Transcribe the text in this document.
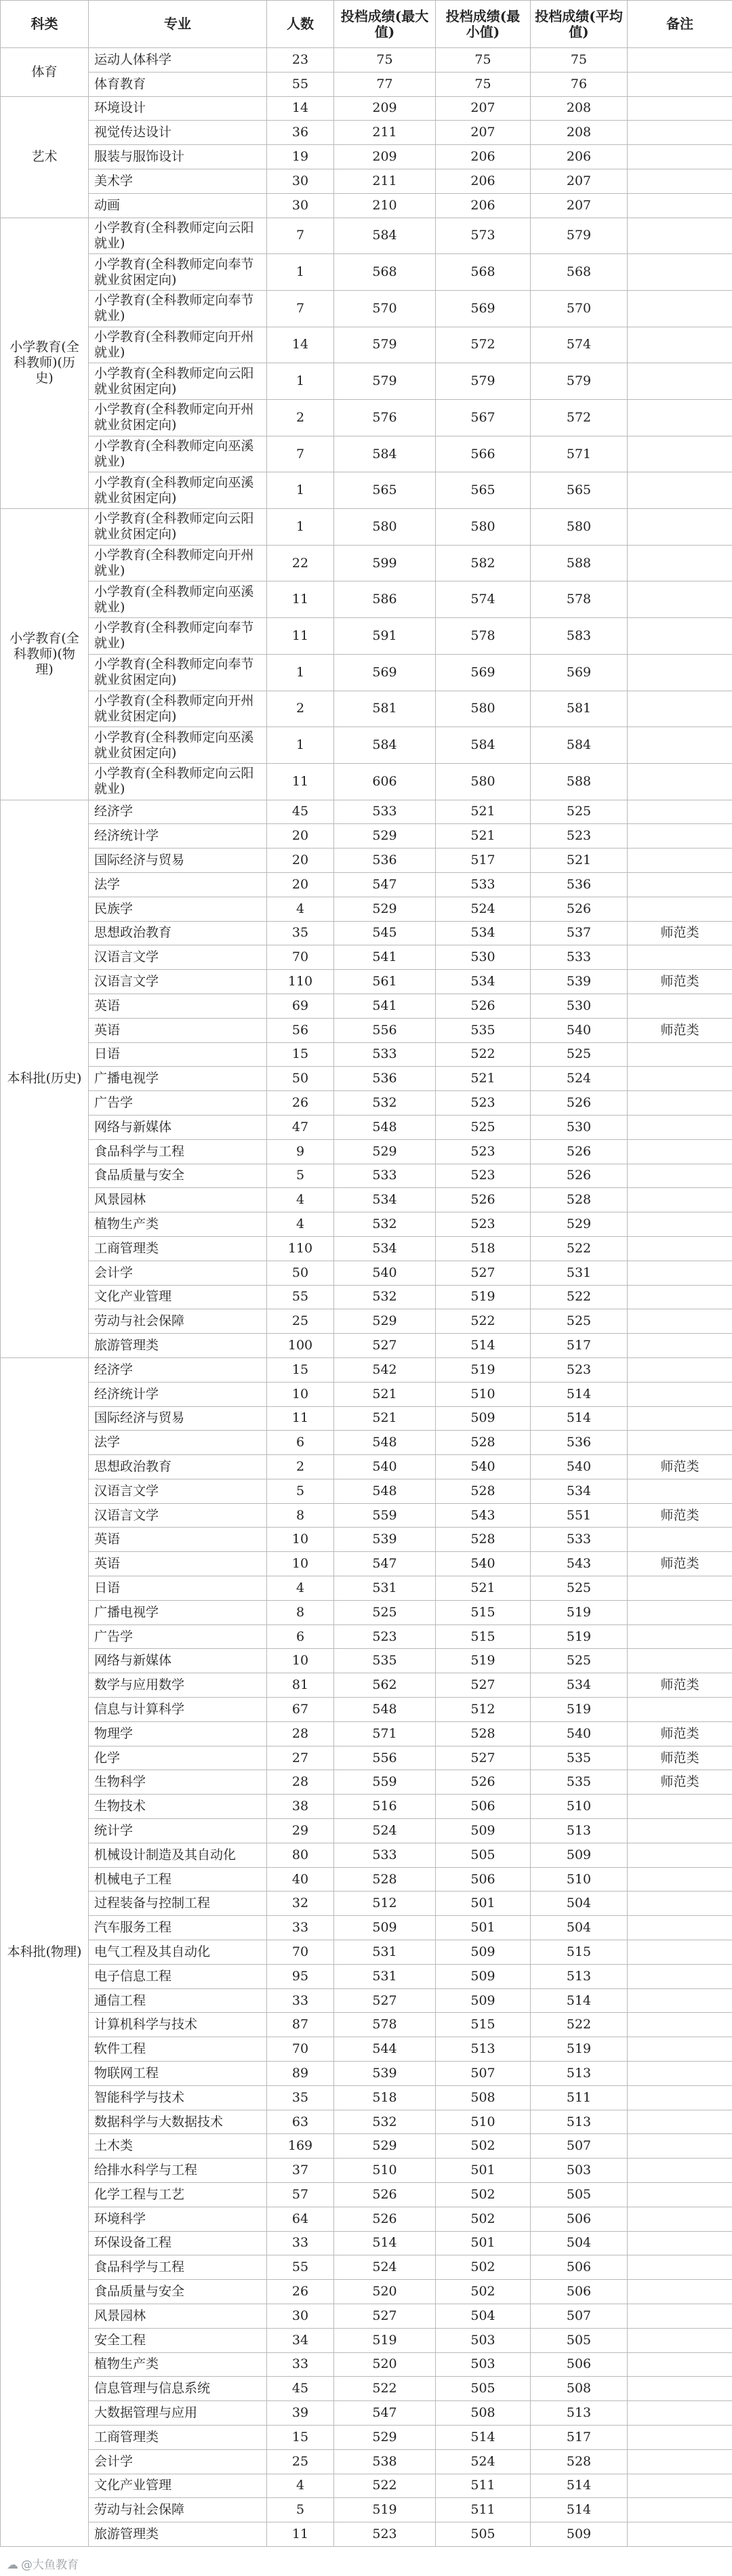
科类	专业	人数	投档成绩(最大值)	投档成绩(最小值)	投档成绩(平均值)	备注
体育	运动人体科学	23	75	75	75	
	体育教育	55	77	75	76	
艺术	环境设计	14	209	207	208	
	视觉传达设计	36	211	207	208	
	服装与服饰设计	19	209	206	206	
	美术学	30	211	206	207	
	动画	30	210	206	207	
小学教育(全科教师)(历史)	小学教育(全科教师定向云阳就业)	7	584	573	579	
	小学教育(全科教师定向奉节就业贫困定向)	1	568	568	568	
	小学教育(全科教师定向奉节就业)	7	570	569	570	
	小学教育(全科教师定向开州就业)	14	579	572	574	
	小学教育(全科教师定向云阳就业贫困定向)	1	579	579	579	
	小学教育(全科教师定向开州就业贫困定向)	2	576	567	572	
	小学教育(全科教师定向巫溪就业)	7	584	566	571	
	小学教育(全科教师定向巫溪就业贫困定向)	1	565	565	565	
小学教育(全科教师)(物理)	小学教育(全科教师定向云阳就业贫困定向)	1	580	580	580	
	小学教育(全科教师定向开州就业)	22	599	582	588	
	小学教育(全科教师定向巫溪就业)	11	586	574	578	
	小学教育(全科教师定向奉节就业)	11	591	578	583	
	小学教育(全科教师定向奉节就业贫困定向)	1	569	569	569	
	小学教育(全科教师定向开州就业贫困定向)	2	581	580	581	
	小学教育(全科教师定向巫溪就业贫困定向)	1	584	584	584	
	小学教育(全科教师定向云阳就业)	11	606	580	588	
本科批(历史)	经济学	45	533	521	525	
	经济统计学	20	529	521	523	
	国际经济与贸易	20	536	517	521	
	法学	20	547	533	536	
	民族学	4	529	524	526	
	思想政治教育	35	545	534	537	师范类
	汉语言文学	70	541	530	533	
	汉语言文学	110	561	534	539	师范类
	英语	69	541	526	530	
	英语	56	556	535	540	师范类
	日语	15	533	522	525	
	广播电视学	50	536	521	524	
	广告学	26	532	523	526	
	网络与新媒体	47	548	525	530	
	食品科学与工程	9	529	523	526	
	食品质量与安全	5	533	523	526	
	风景园林	4	534	526	528	
	植物生产类	4	532	523	529	
	工商管理类	110	534	518	522	
	会计学	50	540	527	531	
	文化产业管理	55	532	519	522	
	劳动与社会保障	25	529	522	525	
	旅游管理类	100	527	514	517	
本科批(物理)	经济学	15	542	519	523	
	经济统计学	10	521	510	514	
	国际经济与贸易	11	521	509	514	
	法学	6	548	528	536	
	思想政治教育	2	540	540	540	师范类
	汉语言文学	5	548	528	534	
	汉语言文学	8	559	543	551	师范类
	英语	10	539	528	533	
	英语	10	547	540	543	师范类
	日语	4	531	521	525	
	广播电视学	8	525	515	519	
	广告学	6	523	515	519	
	网络与新媒体	10	535	519	525	
	数学与应用数学	81	562	527	534	师范类
	信息与计算科学	67	548	512	519	
	物理学	28	571	528	540	师范类
	化学	27	556	527	535	师范类
	生物科学	28	559	526	535	师范类
	生物技术	38	516	506	510	
	统计学	29	524	509	513	
	机械设计制造及其自动化	80	533	505	509	
	机械电子工程	40	528	506	510	
	过程装备与控制工程	32	512	501	504	
	汽车服务工程	33	509	501	504	
	电气工程及其自动化	70	531	509	515	
	电子信息工程	95	531	509	513	
	通信工程	33	527	509	514	
	计算机科学与技术	87	578	515	522	
	软件工程	70	544	513	519	
	物联网工程	89	539	507	513	
	智能科学与技术	35	518	508	511	
	数据科学与大数据技术	63	532	510	513	
	土木类	169	529	502	507	
	给排水科学与工程	37	510	501	503	
	化学工程与工艺	57	526	502	505	
	环境科学	64	526	502	506	
	环保设备工程	33	514	501	504	
	食品科学与工程	55	524	502	506	
	食品质量与安全	26	520	502	506	
	风景园林	30	527	504	507	
	安全工程	34	519	503	505	
	植物生产类	33	520	503	506	
	信息管理与信息系统	45	522	505	508	
	大数据管理与应用	39	547	508	513	
	工商管理类	15	529	514	517	
	会计学	25	538	524	528	
	文化产业管理	4	522	511	514	
	劳动与社会保障	5	519	511	514	
	旅游管理类	11	523	505	509	
☁ @大鱼教育
